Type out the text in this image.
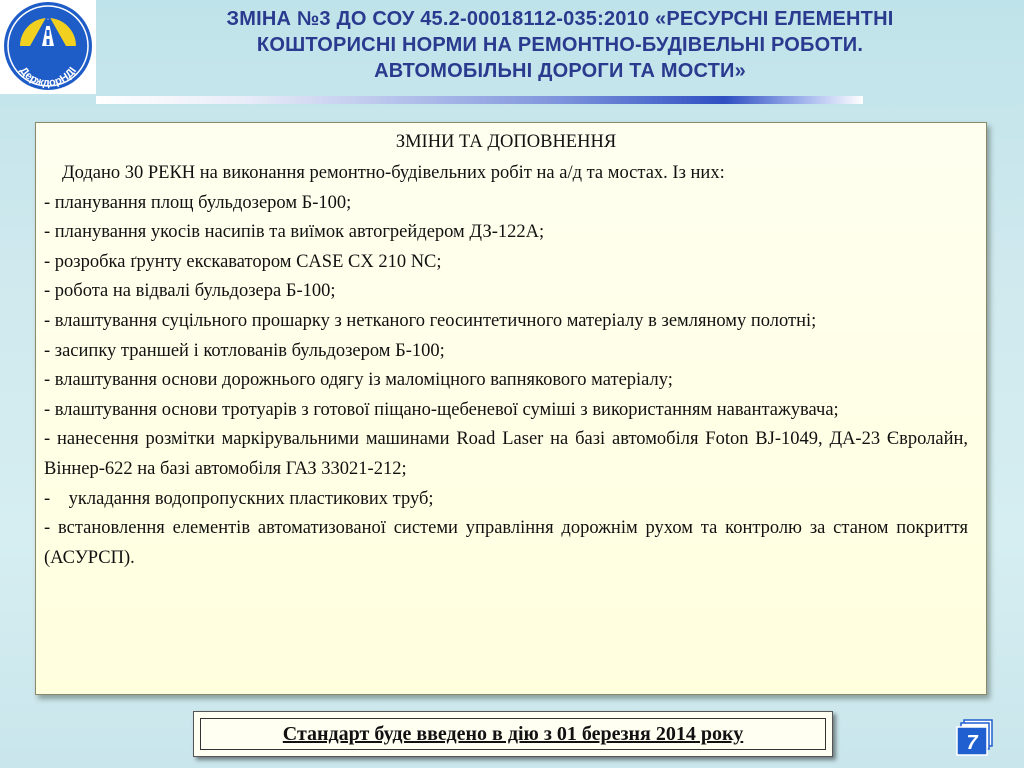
ДерждорНДІ
ЗМІНА №3 ДО СОУ 45.2-00018112-035:2010 «РЕСУРСНІ ЕЛЕМЕНТНІ
КОШТОРИСНІ НОРМИ НА РЕМОНТНО-БУДІВЕЛЬНІ РОБОТИ.
АВТОМОБІЛЬНІ ДОРОГИ ТА МОСТИ»
ЗМІНИ ТА ДОПОВНЕННЯ
Додано 30 РЕКН на виконання ремонтно-будівельних робіт на а/д та мостах. Із них:
- планування площ бульдозером Б-100;
- планування укосів насипів та виїмок автогрейдером ДЗ-122А;
- розробка ґрунту екскаватором CASE CX 210 NC;
- робота на відвалі бульдозера Б-100;
- влаштування суцільного прошарку з нетканого геосинтетичного матеріалу в земляному полотні;
- засипку траншей і котлованів бульдозером Б-100;
- влаштування основи дорожнього одягу із маломіцного вапнякового матеріалу;
- влаштування основи тротуарів з готової піщано-щебеневої суміші з використанням навантажувача;
- нанесення розмітки маркірувальними машинами Road Laser на базі автомобіля Foton BJ-1049, ДА-23 Євролайн, Віннер-622 на базі автомобіля ГАЗ 33021-212;
-    укладання водопропускних пластикових труб;
- встановлення елементів автоматизованої системи управління дорожнім рухом та контролю за станом покриття (АСУРСП).
Стандарт буде введено в дію з 01 березня 2014 року	7
